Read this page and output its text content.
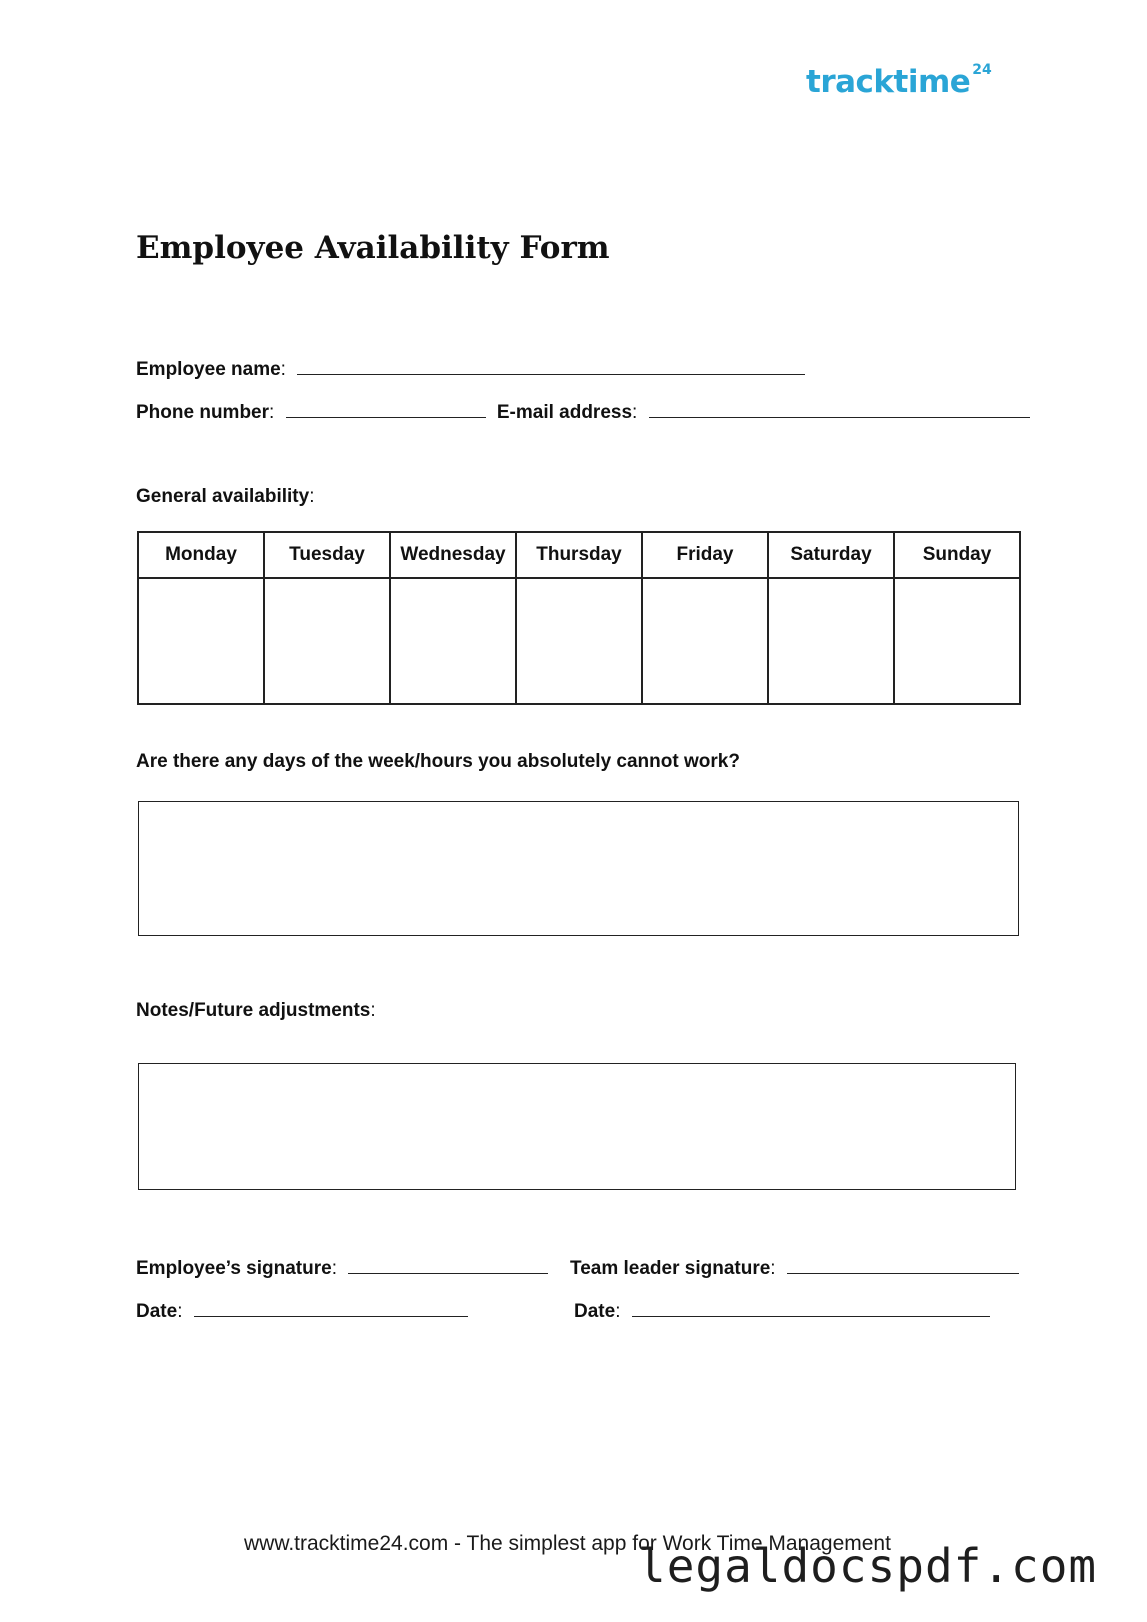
tracktime 24
Employee Availability Form
Employee name:
Phone number:	E-mail address:
General availability:
Monday	Tuesday	Wednesday	Thursday	Friday	Saturday	Sunday

Are there any days of the week/hours you absolutely cannot work?
Notes/Future adjustments:
Employee’s signature:	Team leader signature:
Date:	Date:
www.tracktime24.com - The simplest app for Work Time Management
legaldocspdf.com
